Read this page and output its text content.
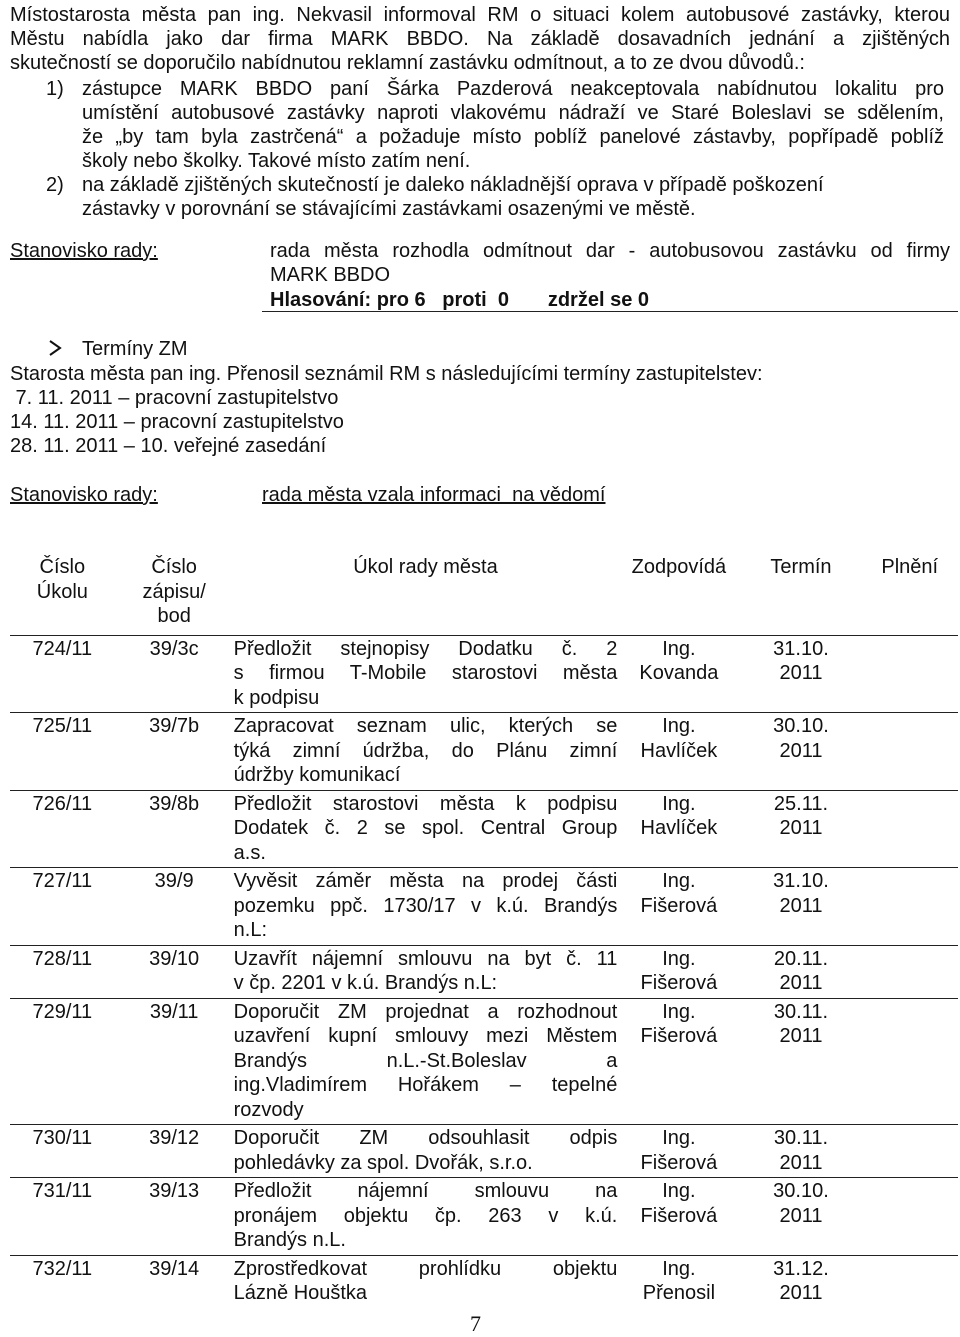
Místostarosta města pan ing. Nekvasil informoval RM o situaci kolem autobusové zastávky, kterou
Městu nabídla jako dar firma MARK BBDO. Na základě dosavadních jednání a zjištěných
skutečností se doporučilo nabídnutou reklamní zastávku odmítnout, a to ze dvou důvodů.:
1) zástupce MARK BBDO paní Šárka Pazderová neakceptovala nabídnutou lokalitu pro
umístění autobusové zastávky naproti vlakovému nádraží ve Staré Boleslavi se sdělením,
že „by tam byla zastrčená“ a požaduje místo poblíž panelové zástavby, popřípadě poblíž
školy nebo školky. Takové místo zatím není.
2) na základě zjištěných skutečností je daleko nákladnější oprava v případě poškození
zástavky v porovnání se stávajícími zastávkami osazenými ve městě.
Stanovisko rady:	rada města rozhodla odmítnout dar - autobusovou zastávku od firmy
MARK BBDO
Hlasování: pro 6   proti  0       zdržel se 0
Termíny ZM
Starosta města pan ing. Přenosil seznámil RM s následujícími termíny zastupitelstev:
7. 11. 2011 – pracovní zastupitelstvo
14. 11. 2011 – pracovní zastupitelstvo
28. 11. 2011 – 10. veřejné zasedání
Stanovisko rady:	rada města vzala informaci  na vědomí
Číslo
Úkolu	Číslo
zápisu/
bod	Úkol rady města	Zodpovídá	Termín	Plnění
724/11	39/3c	Předložit stejnopisy Dodatku č. 2
s firmou T-Mobile starostovi města
k podpisu	Ing.
Kovanda	31.10.
2011	

725/11	39/7b	Zapracovat seznam ulic, kterých se
týká zimní údržba, do Plánu zimní
údržby komunikací	Ing.
Havlíček	30.10.
2011	

726/11	39/8b	Předložit starostovi města k podpisu
Dodatek č. 2 se spol. Central Group
a.s.	Ing.
Havlíček	25.11.
2011	

727/11	39/9	Vyvěsit záměr města na prodej části
pozemku ppč. 1730/17 v k.ú. Brandýs
n.L:	Ing.
Fišerová	31.10.
2011	

728/11	39/10	Uzavřít nájemní smlouvu na byt č. 11
v čp. 2201 v k.ú. Brandýs n.L:	Ing.
Fišerová	20.11.
2011	

729/11	39/11	Doporučit ZM projednat a rozhodnout
uzavření kupní smlouvy mezi Městem
Brandýs n.L.-St.Boleslav a
ing.Vladimírem Hořákem – tepelné
rozvody	Ing.
Fišerová	30.11.
2011	

730/11	39/12	Doporučit ZM odsouhlasit odpis
pohledávky za spol. Dvořák, s.r.o.	Ing.
Fišerová	30.11.
2011	

731/11	39/13	Předložit nájemní smlouvu na
pronájem objektu čp. 263 v k.ú.
Brandýs n.L.	Ing.
Fišerová	30.10.
2011	

732/11	39/14	Zprostředkovat prohlídku objektu
Lázně Houštka	Ing.
Přenosil	31.12.
2011	

7
